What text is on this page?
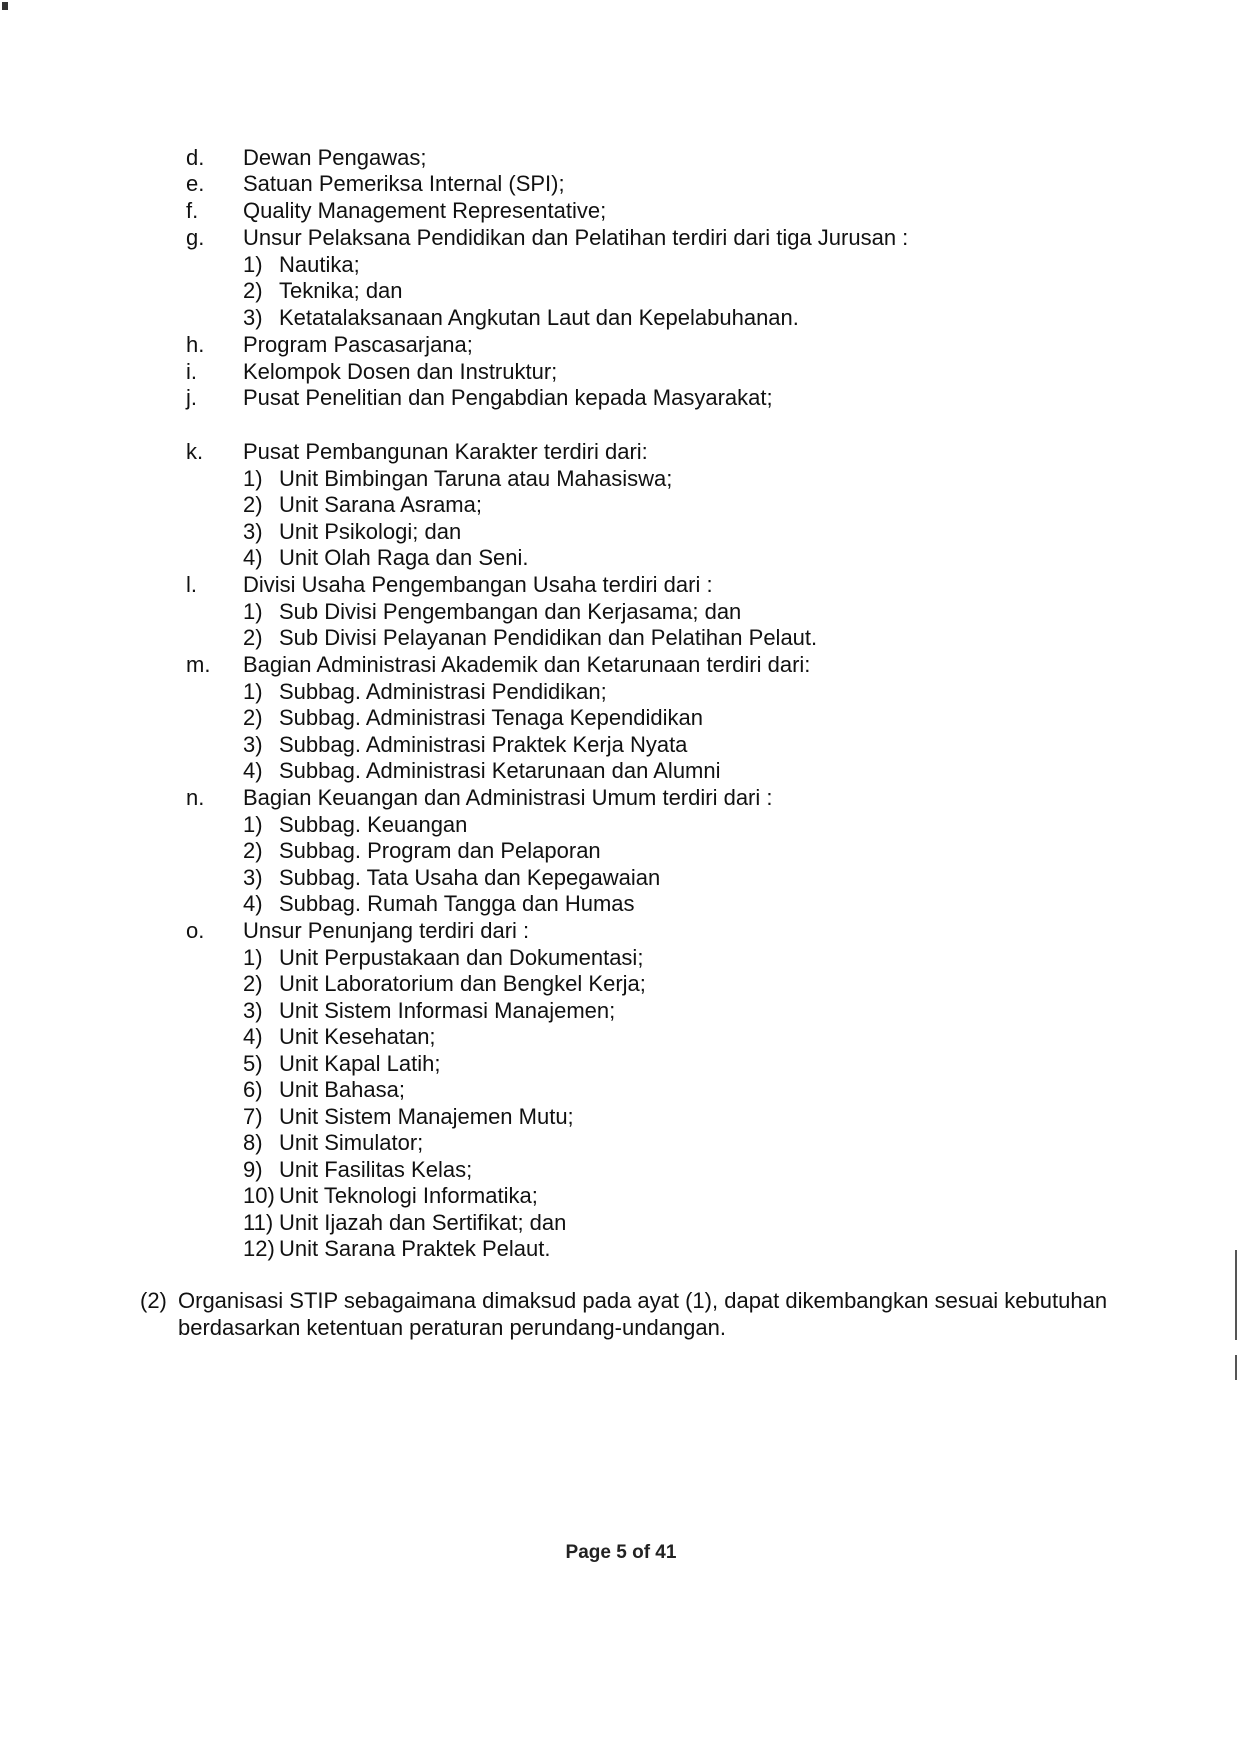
d. Dewan Pengawas;
e. Satuan Pemeriksa Internal (SPI);
f. Quality Management Representative;
g. Unsur Pelaksana Pendidikan dan Pelatihan terdiri dari tiga Jurusan :
1) Nautika;
2) Teknika; dan
3) Ketatalaksanaan Angkutan Laut dan Kepelabuhanan.
h. Program Pascasarjana;
i. Kelompok Dosen dan Instruktur;
j. Pusat Penelitian dan Pengabdian kepada Masyarakat;
k. Pusat Pembangunan Karakter terdiri dari:
1) Unit Bimbingan Taruna atau Mahasiswa;
2) Unit Sarana Asrama;
3) Unit Psikologi; dan
4) Unit Olah Raga dan Seni.
l. Divisi Usaha Pengembangan Usaha terdiri dari :
1) Sub Divisi Pengembangan dan Kerjasama; dan
2) Sub Divisi Pelayanan Pendidikan dan Pelatihan Pelaut.
m. Bagian Administrasi Akademik dan Ketarunaan terdiri dari:
1) Subbag. Administrasi Pendidikan;
2) Subbag. Administrasi Tenaga Kependidikan
3) Subbag. Administrasi Praktek Kerja Nyata
4) Subbag. Administrasi Ketarunaan dan Alumni
n. Bagian Keuangan dan Administrasi Umum terdiri dari :
1) Subbag. Keuangan
2) Subbag. Program dan Pelaporan
3) Subbag. Tata Usaha dan Kepegawaian
4) Subbag. Rumah Tangga dan Humas
o. Unsur Penunjang terdiri dari :
1) Unit Perpustakaan dan Dokumentasi;
2) Unit Laboratorium dan Bengkel Kerja;
3) Unit Sistem Informasi Manajemen;
4) Unit Kesehatan;
5) Unit Kapal Latih;
6) Unit Bahasa;
7) Unit Sistem Manajemen Mutu;
8) Unit Simulator;
9) Unit Fasilitas Kelas;
10) Unit Teknologi Informatika;
11) Unit Ijazah dan Sertifikat; dan
12) Unit Sarana Praktek Pelaut.
(2) Organisasi STIP sebagaimana dimaksud pada ayat (1), dapat dikembangkan sesuai kebutuhan
berdasarkan ketentuan peraturan perundang-undangan.
Page 5 of 41
